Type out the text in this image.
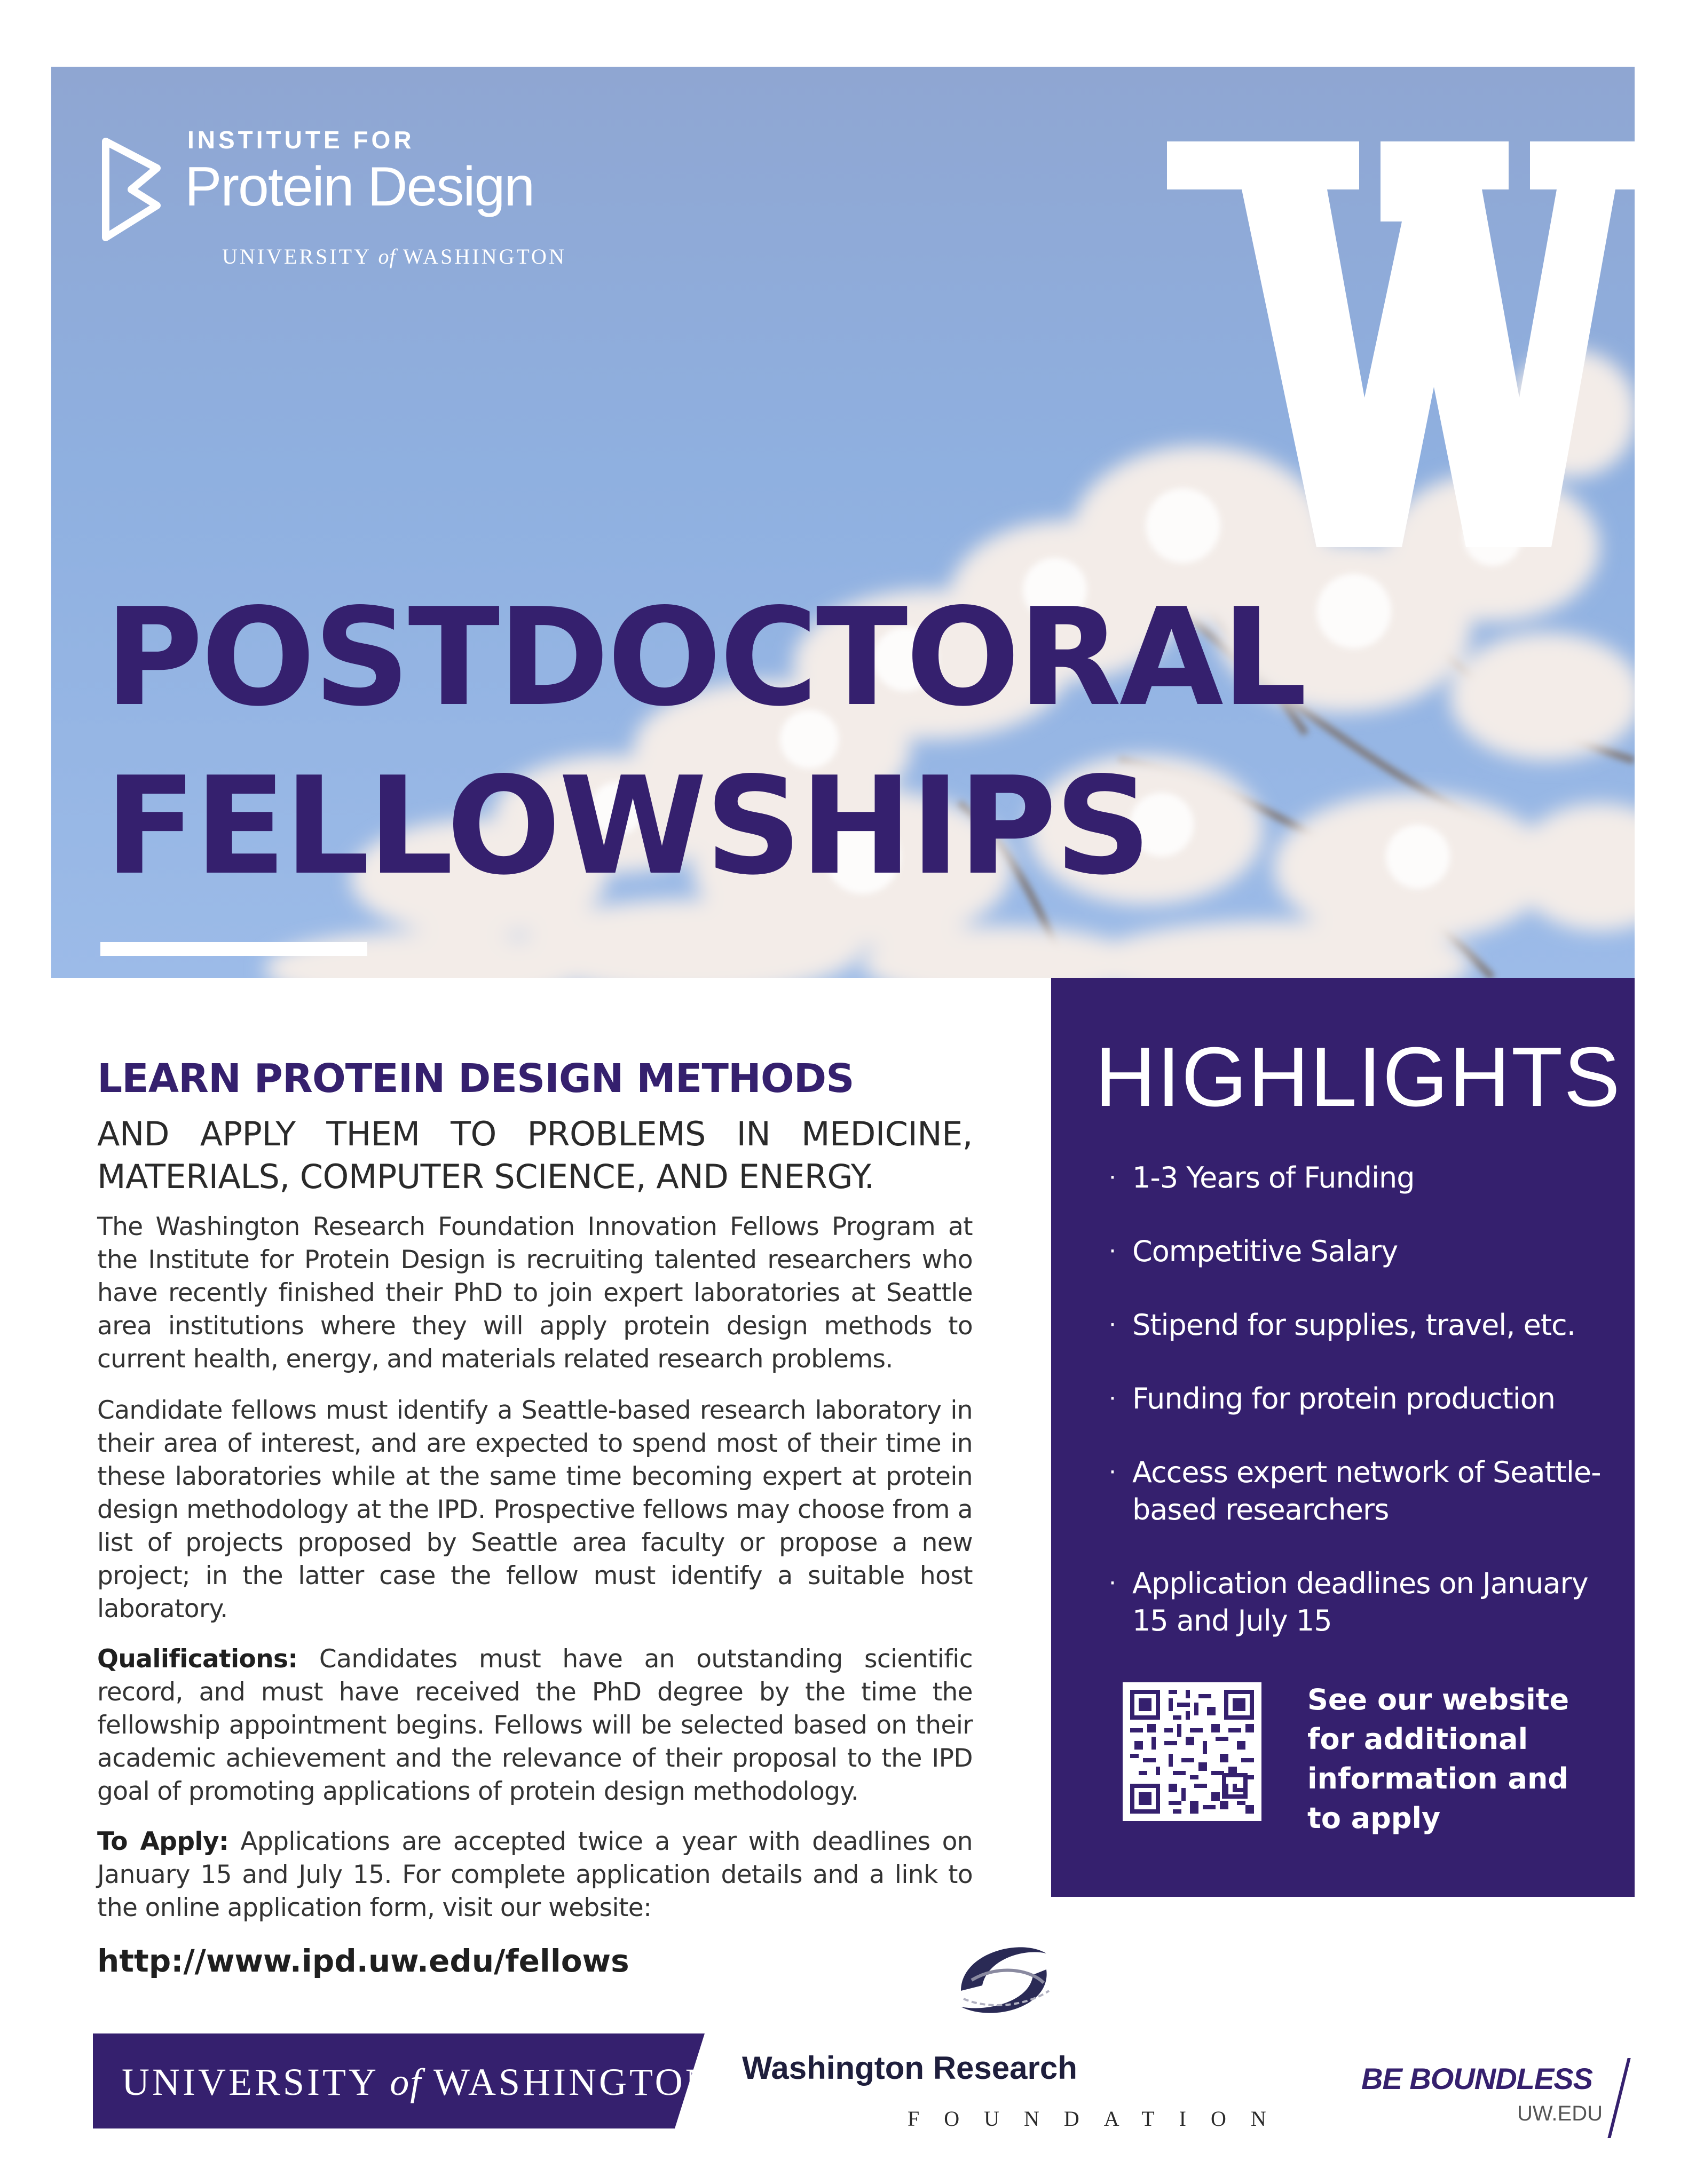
INSTITUTE FOR
Protein Design
UNIVERSITY of WASHINGTON
POSTDOCTORAL
FELLOWSHIPS
LEARN PROTEIN DESIGN METHODS
AND APPLY THEM TO PROBLEMS IN MEDICINE,
MATERIALS, COMPUTER SCIENCE, AND ENERGY.

The Washington Research Foundation Innovation Fellows Program at the Institute for Protein Design is recruiting talented researchers who have recently finished their PhD to join expert laboratories at Seattle area institutions where they will apply protein design methods to current health, energy, and materials related research problems.

Candidate fellows must identify a Seattle-based research laboratory in their area of interest, and are expected to spend most of their time in these laboratories while at the same time becoming expert at protein design methodology at the IPD. Prospective fellows may choose from a list of projects proposed by Seattle area faculty or propose a new project; in the latter case the fellow must identify a suitable host laboratory.

Qualifications: Candidates must have an outstanding scientific record, and must have received the PhD degree by the time the fellowship appointment begins. Fellows will be selected based on their academic achievement and the relevance of their proposal to the IPD goal of promoting applications of protein design methodology.

To Apply: Applications are accepted twice a year with deadlines on January 15 and July 15. For complete application details and a link to the online application form, visit our website:

http://www.ipd.uw.edu/fellows
HIGHLIGHTS
· 1-3 Years of Funding
· Competitive Salary
· Stipend for supplies, travel, etc.
· Funding for protein production
· Access expert network of Seattle-based researchers
· Application deadlines on January 15 and July 15
See our website for additional information and to apply
UNIVERSITY of WASHINGTON Washington Research
FOUNDATION
BE BOUNDLESS
UW.EDU
